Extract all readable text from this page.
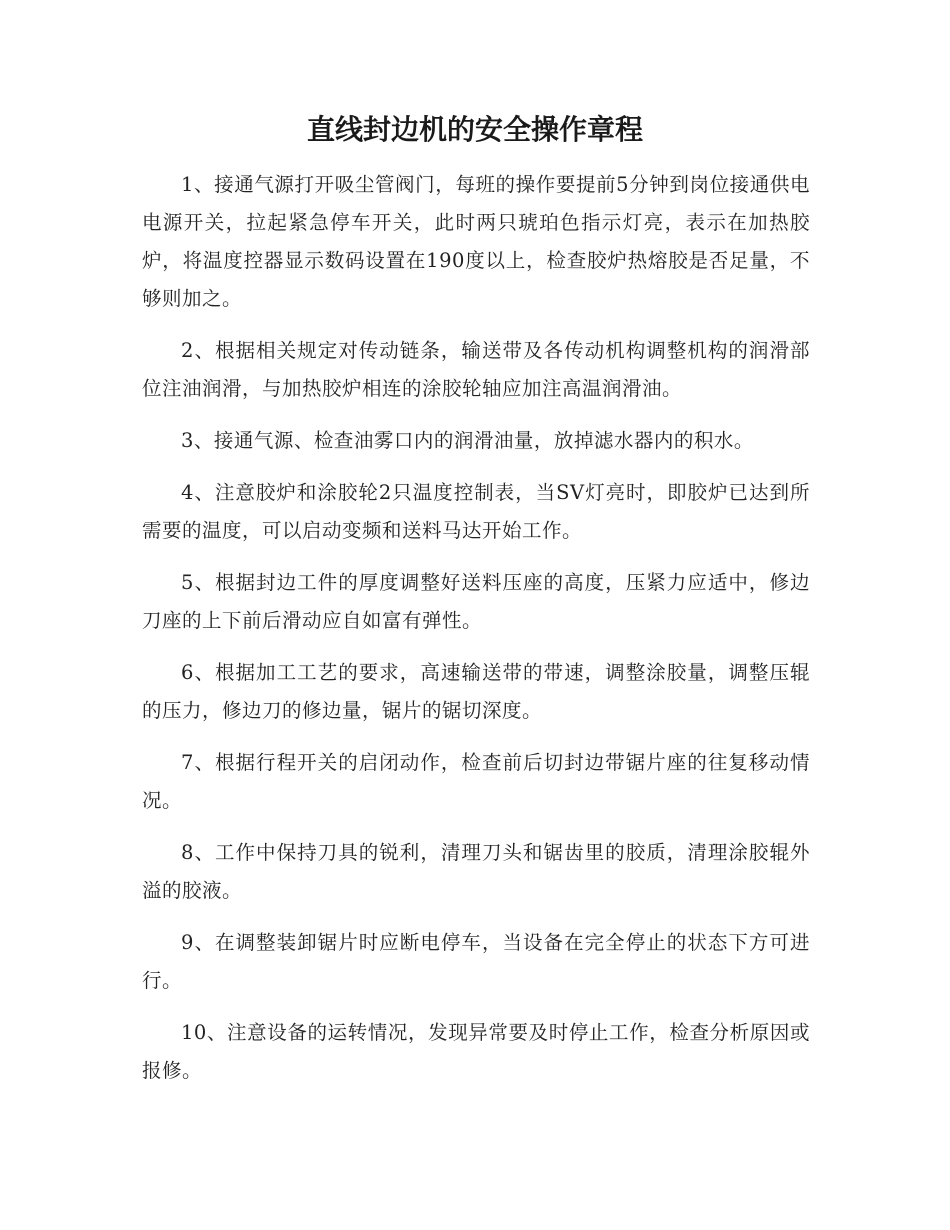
直线封边机的安全操作章程

1、接通气源打开吸尘管阀门，每班的操作要提前5分钟到岗位接通供电电源开关，拉起紧急停车开关，此时两只琥珀色指示灯亮，表示在加热胶炉，将温度控器显示数码设置在190度以上，检查胶炉热熔胶是否足量，不够则加之。

2、根据相关规定对传动链条，输送带及各传动机构调整机构的润滑部位注油润滑，与加热胶炉相连的涂胶轮轴应加注高温润滑油。

3、接通气源、检查油雾口内的润滑油量，放掉滤水器内的积水。

4、注意胶炉和涂胶轮2只温度控制表，当SV灯亮时，即胶炉已达到所需要的温度，可以启动变频和送料马达开始工作。

5、根据封边工件的厚度调整好送料压座的高度，压紧力应适中，修边刀座的上下前后滑动应自如富有弹性。

6、根据加工工艺的要求，高速输送带的带速，调整涂胶量，调整压辊的压力，修边刀的修边量，锯片的锯切深度。

7、根据行程开关的启闭动作，检查前后切封边带锯片座的往复移动情况。

8、工作中保持刀具的锐利，清理刀头和锯齿里的胶质，清理涂胶辊外溢的胶液。

9、在调整装卸锯片时应断电停车，当设备在完全停止的状态下方可进行。

10、注意设备的运转情况，发现异常要及时停止工作，检查分析原因或报修。
